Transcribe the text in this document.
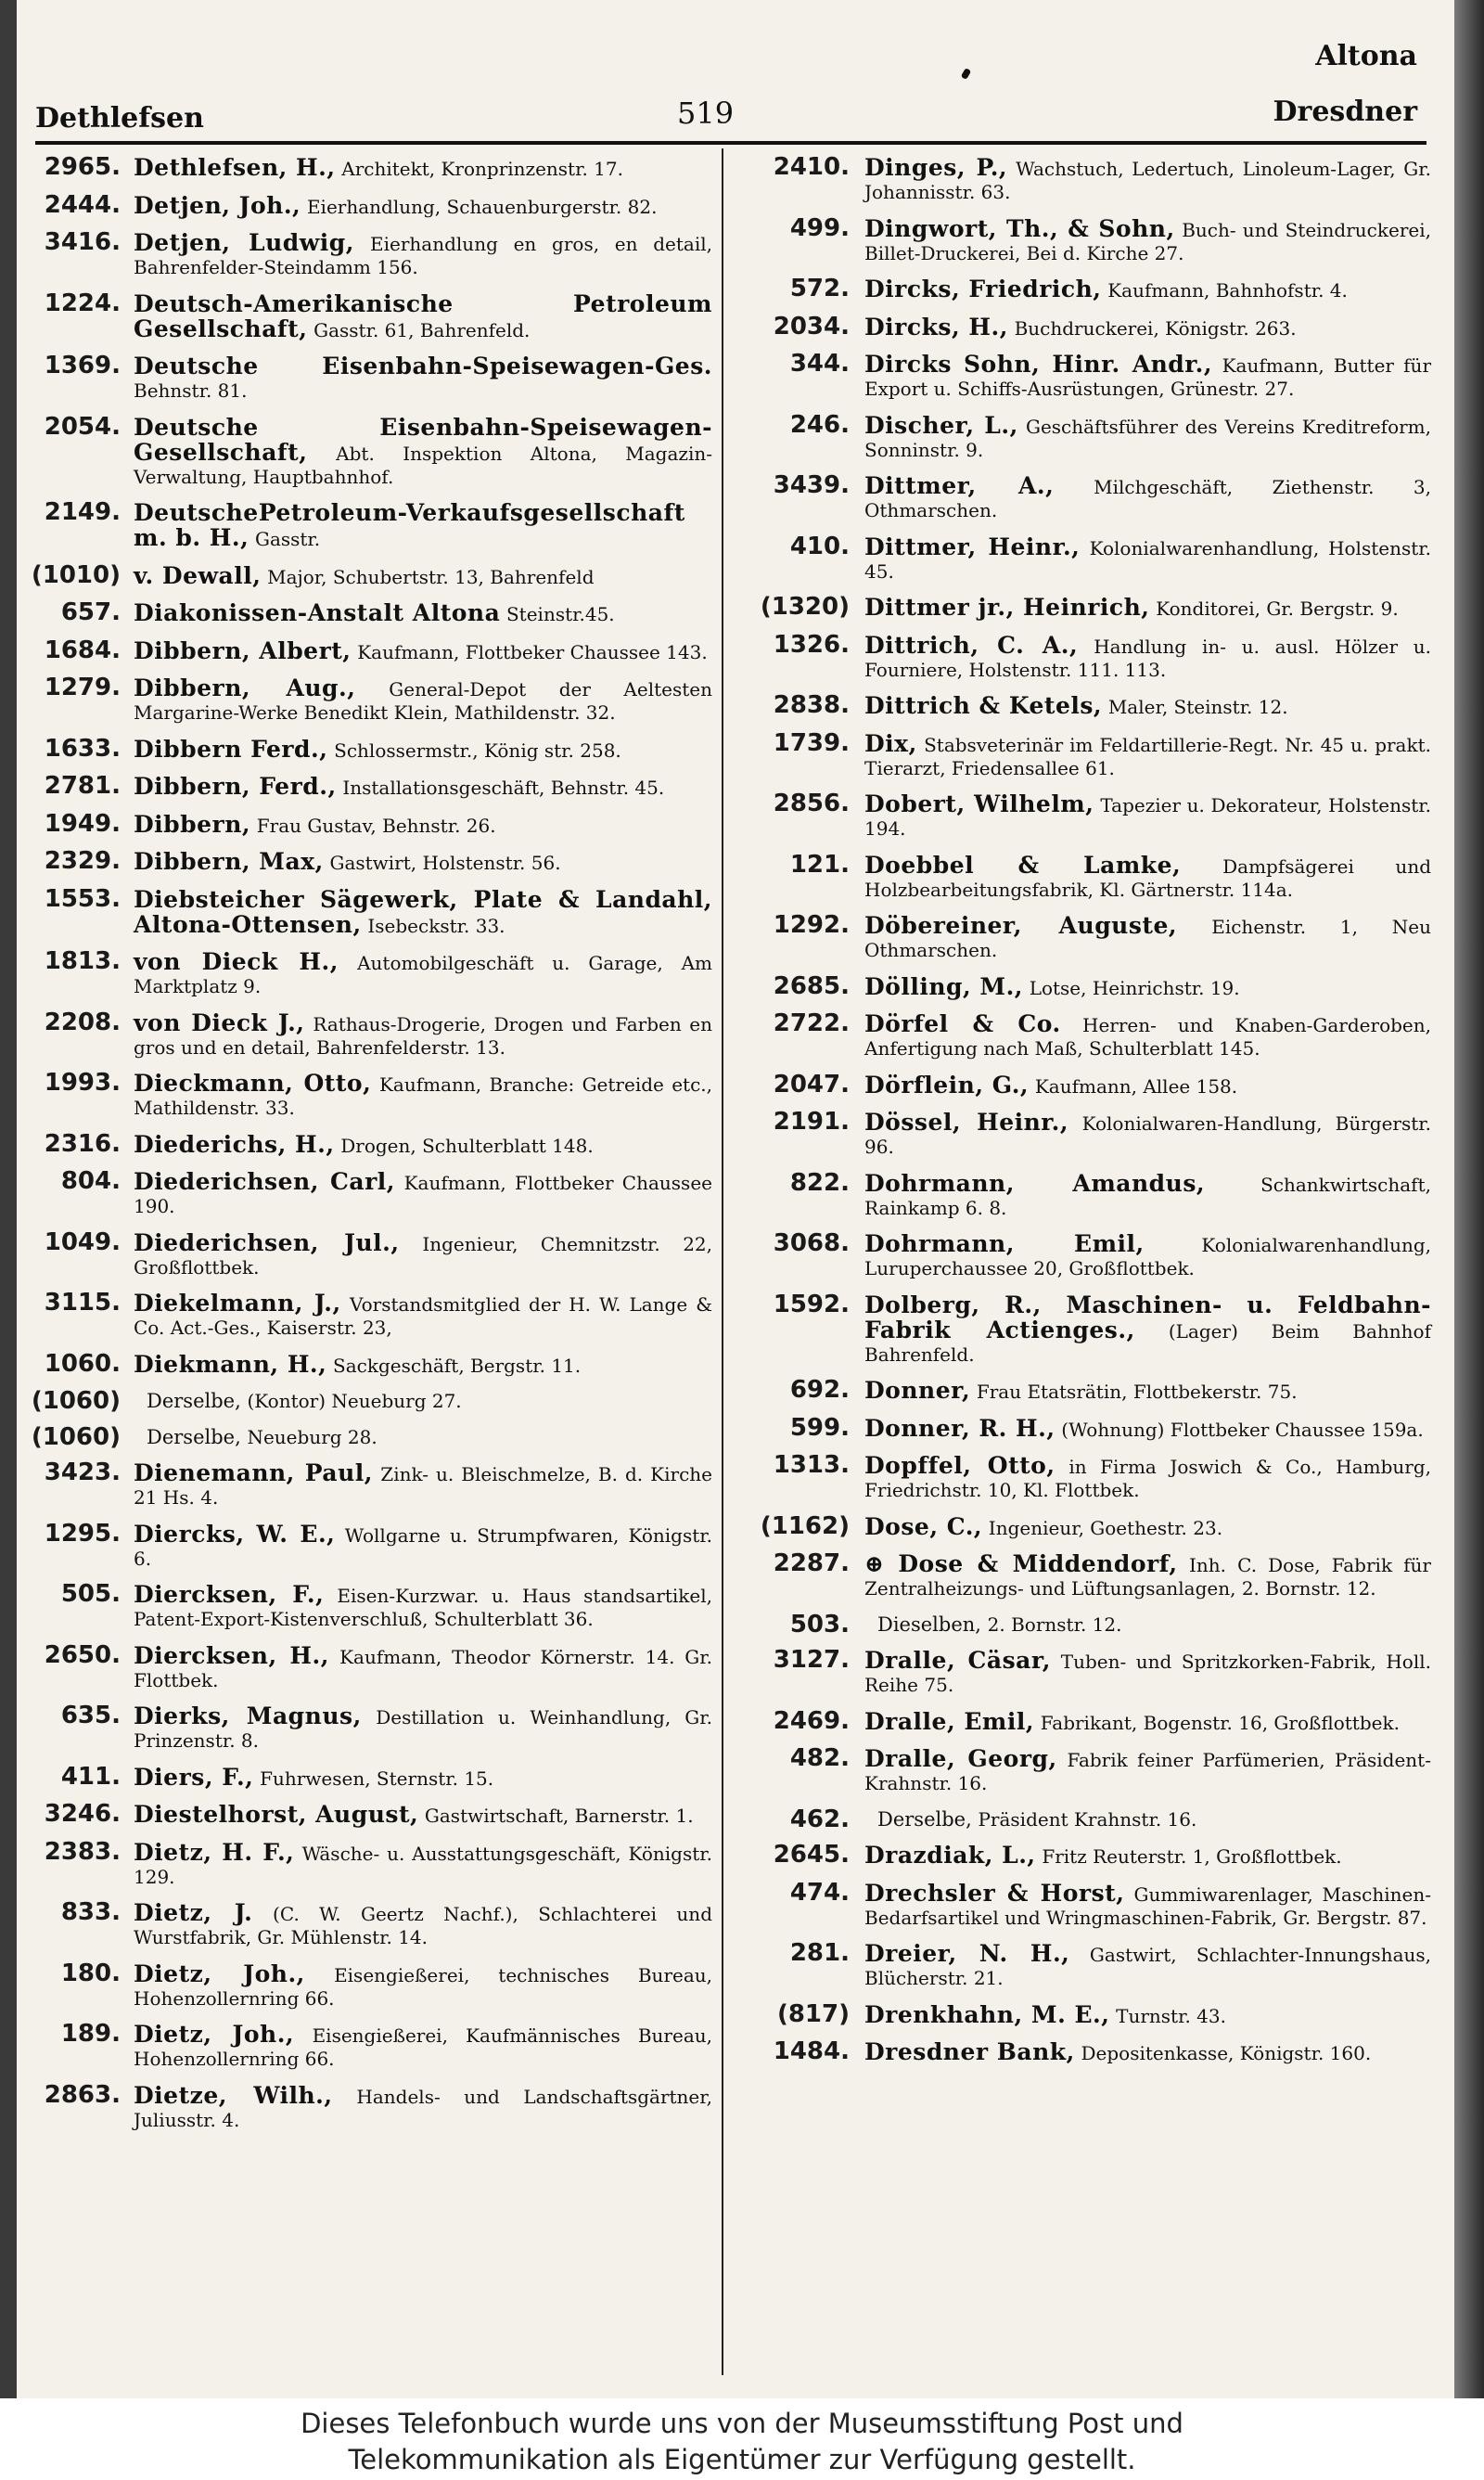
Dethlefsen	519
Altona
Dresdner
2965. Dethlefsen, H., Architekt, Kronprinzenstr. 17.
2444. Detjen, Joh., Eierhandlung, Schauenburgerstr. 82.
3416. Detjen, Ludwig, Eierhandlung en gros, en detail, Bahrenfelder-Steindamm 156.
1224. Deutsch-Amerikanische Petroleum Gesellschaft, Gasstr. 61, Bahrenfeld.
1369. Deutsche Eisenbahn-Speisewagen-Ges. Behnstr. 81.
2054. Deutsche Eisenbahn-Speisewagen-Gesellschaft, Abt. Inspektion Altona, Magazin-Verwaltung, Hauptbahnhof.
2149. DeutschePetroleum-Verkaufsgesellschaft m. b. H., Gasstr.
(1010) v. Dewall, Major, Schubertstr. 13, Bahrenfeld
657. Diakonissen-Anstalt Altona Steinstr.45.
1684. Dibbern, Albert, Kaufmann, Flottbeker Chaussee 143.
1279. Dibbern, Aug., General-Depot der Aeltesten Margarine-Werke Benedikt Klein, Mathildenstr. 32.
1633. Dibbern Ferd., Schlossermstr., König str. 258.
2781. Dibbern, Ferd., Installationsgeschäft, Behnstr. 45.
1949. Dibbern, Frau Gustav, Behnstr. 26.
2329. Dibbern, Max, Gastwirt, Holstenstr. 56.
1553. Diebsteicher Sägewerk, Plate & Landahl, Altona-Ottensen, Isebeckstr. 33.
1813. von Dieck H., Automobilgeschäft u. Garage, Am Marktplatz 9.
2208. von Dieck J., Rathaus-Drogerie, Drogen und Farben en gros und en detail, Bahrenfelderstr. 13.
1993. Dieckmann, Otto, Kaufmann, Branche: Getreide etc., Mathildenstr. 33.
2316. Diederichs, H., Drogen, Schulterblatt 148.
804. Diederichsen, Carl, Kaufmann, Flottbeker Chaussee 190.
1049. Diederichsen, Jul., Ingenieur, Chemnitzstr. 22, Großflottbek.
3115. Diekelmann, J., Vorstandsmitglied der H. W. Lange & Co. Act.-Ges., Kaiserstr. 23,
1060. Diekmann, H., Sackgeschäft, Bergstr. 11.
(1060)	Derselbe, (Kontor) Neueburg 27.
(1060)	Derselbe, Neueburg 28.
3423. Dienemann, Paul, Zink- u. Bleischmelze, B. d. Kirche 21 Hs. 4.
1295. Diercks, W. E., Wollgarne u. Strumpfwaren, Königstr. 6.
505. Diercksen, F., Eisen-Kurzwar. u. Haus standsartikel, Patent-Export-Kistenverschluß, Schulterblatt 36.
2650. Diercksen, H., Kaufmann, Theodor Körnerstr. 14. Gr. Flottbek.
635. Dierks, Magnus, Destillation u. Weinhandlung, Gr. Prinzenstr. 8.
411. Diers, F., Fuhrwesen, Sternstr. 15.
3246. Diestelhorst, August, Gastwirtschaft, Barnerstr. 1.
2383. Dietz, H. F., Wäsche- u. Ausstattungsgeschäft, Königstr. 129.
833. Dietz, J. (C. W. Geertz Nachf.), Schlachterei und Wurstfabrik, Gr. Mühlenstr. 14.
180. Dietz, Joh., Eisengießerei, technisches Bureau, Hohenzollernring 66.
189. Dietz, Joh., Eisengießerei, Kaufmännisches Bureau, Hohenzollernring 66.
2863. Dietze, Wilh., Handels- und Landschaftsgärtner, Juliusstr. 4.
2410. Dinges, P., Wachstuch, Ledertuch, Linoleum-Lager, Gr. Johannisstr. 63.
499. Dingwort, Th., & Sohn, Buch- und Steindruckerei, Billet-Druckerei, Bei d. Kirche 27.
572. Dircks, Friedrich, Kaufmann, Bahnhofstr. 4.
2034. Dircks, H., Buchdruckerei, Königstr. 263.
344. Dircks Sohn, Hinr. Andr., Kaufmann, Butter für Export u. Schiffs-Ausrüstungen, Grünestr. 27.
246. Discher, L., Geschäftsführer des Vereins Kreditreform, Sonninstr. 9.
3439. Dittmer, A., Milchgeschäft, Ziethenstr. 3, Othmarschen.
410. Dittmer, Heinr., Kolonialwarenhandlung, Holstenstr. 45.
(1320) Dittmer jr., Heinrich, Konditorei, Gr. Bergstr. 9.
1326. Dittrich, C. A., Handlung in- u. ausl. Hölzer u. Fourniere, Holstenstr. 111. 113.
2838. Dittrich & Ketels, Maler, Steinstr. 12.
1739. Dix, Stabsveterinär im Feldartillerie-Regt. Nr. 45 u. prakt. Tierarzt, Friedensallee 61.
2856. Dobert, Wilhelm, Tapezier u. Dekorateur, Holstenstr. 194.
121. Doebbel & Lamke, Dampfsägerei und Holzbearbeitungsfabrik, Kl. Gärtnerstr. 114a.
1292. Döbereiner, Auguste, Eichenstr. 1, Neu Othmarschen.
2685. Dölling, M., Lotse, Heinrichstr. 19.
2722. Dörfel & Co. Herren- und Knaben-Garderoben, Anfertigung nach Maß, Schulterblatt 145.
2047. Dörflein, G., Kaufmann, Allee 158.
2191. Dössel, Heinr., Kolonialwaren-Handlung, Bürgerstr. 96.
822. Dohrmann, Amandus,	Schankwirtschaft, Rainkamp 6. 8.
3068. Dohrmann, Emil,	Kolonialwarenhandlung, Luruperchaussee 20, Großflottbek.
1592. Dolberg, R., Maschinen- u. Feldbahn-Fabrik Actienges., (Lager) Beim Bahnhof Bahrenfeld.
692. Donner, Frau Etatsrätin, Flottbekerstr. 75.
599. Donner, R. H., (Wohnung) Flottbeker Chaussee 159a.
1313. Dopffel, Otto, in Firma Joswich & Co., Hamburg, Friedrichstr. 10, Kl. Flottbek.
(1162) Dose, C., Ingenieur, Goethestr. 23.
2287. ⊕ Dose & Middendorf, Inh. C. Dose, Fabrik für Zentralheizungs- und Lüftungsanlagen, 2. Bornstr. 12.
503.	Dieselben, 2. Bornstr. 12.
3127. Dralle, Cäsar, Tuben- und Spritzkorken-Fabrik, Holl. Reihe 75.
2469. Dralle, Emil, Fabrikant, Bogenstr. 16, Großflottbek.
482. Dralle, Georg, Fabrik feiner Parfümerien, Präsident-Krahnstr. 16.
462.	Derselbe, Präsident Krahnstr. 16.
2645. Drazdiak, L., Fritz Reuterstr. 1, Großflottbek.
474. Drechsler & Horst, Gummiwarenlager, Maschinen-Bedarfsartikel und Wringmaschinen-Fabrik, Gr. Bergstr. 87.
281. Dreier, N. H., Gastwirt, Schlachter-Innungshaus, Blücherstr. 21.
(817) Drenkhahn, M. E., Turnstr. 43.
1484. Dresdner Bank, Depositenkasse, Königstr. 160.
Dieses Telefonbuch wurde uns von der Museumsstiftung Post und
Telekommunikation als Eigentümer zur Verfügung gestellt.
